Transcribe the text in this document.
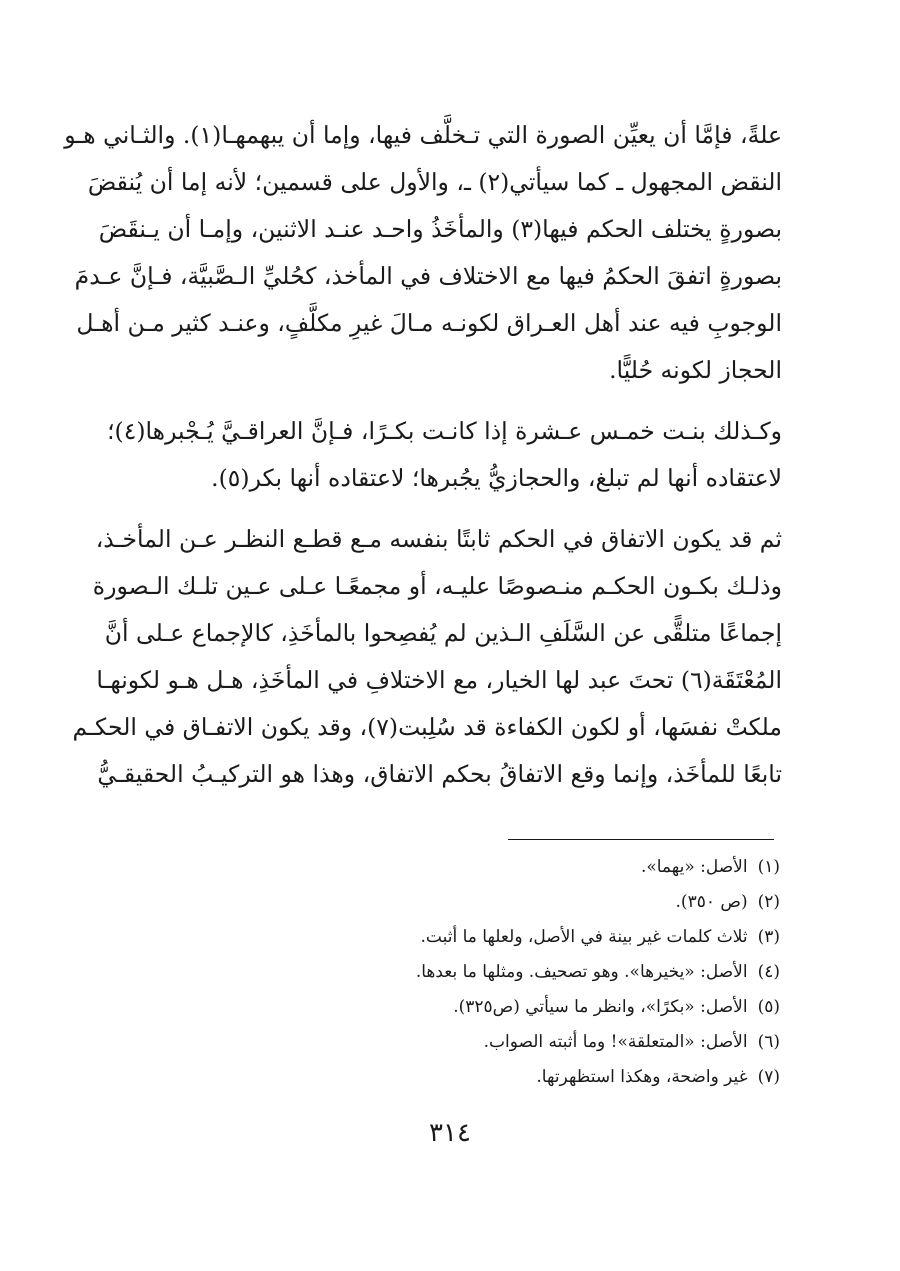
علةً، فإمَّا أن يعيِّن الصورة التي تـخلَّف فيها، وإما أن يبهمهـا(١). والثـاني هـو
النقض المجهول ـ كما سيأتي(٢) ـ، والأول على قسمين؛ لأنه إما أن يُنقضَ
بصورةٍ يختلف الحكم فيها(٣) والمأخَذُ واحـد عنـد الاثنين، وإمـا أن يـنقَضَ
بصورةٍ اتفقَ الحكمُ فيها مع الاختلاف في المأخذ، كحُليِّ الـصَّبيَّة، فـإنَّ عـدمَ
الوجوبِ فيه عند أهل العـراق لكونـه مـالَ غيرِ مكلَّفٍ، وعنـد كثير مـن أهـل
الحجاز لكونه حُليًّا.

وكـذلك بنـت خمـس عـشرة إذا كانـت بكـرًا، فـإنَّ العراقـيَّ يُـجْبرها(٤)؛
لاعتقاده أنها لم تبلغ، والحجازيُّ يجُبرها؛ لاعتقاده أنها بكر(٥).

ثم قد يكون الاتفاق في الحكم ثابتًا بنفسه مـع قطـع النظـر عـن المأخـذ،
وذلـك بكـون الحكـم منـصوصًا عليـه، أو مجمعًـا عـلى عـين تلـك الـصورة
إجماعًا متلقًّى عن السَّلَفِ الـذين لم يُفصِحوا بالمأخَذِ، كالإجماع عـلى أنَّ
المُعْتَقَة(٦) تحتَ عبد لها الخيار، مع الاختلافِ في المأخَذِ، هـل هـو لكونهـا
ملكتْ نفسَها، أو لكون الكفاءة قد سُلِبت(٧)، وقد يكون الاتفـاق في الحكـم
تابعًا للمأخَذ، وإنما وقع الاتفاقُ بحكم الاتفاق، وهذا هو التركيـبُ الحقيقـيُّ

(١)الأصل: «يهما».
(٢)(ص ٣٥٠).
(٣)ثلاث كلمات غير بينة في الأصل، ولعلها ما أثبت.
(٤)الأصل: «يخيرها». وهو تصحيف. ومثلها ما بعدها.
(٥)الأصل: «بكرًا»، وانظر ما سيأتي (ص٣٢٥).
(٦)الأصل: «المتعلقة»! وما أثبته الصواب.
(٧)غير واضحة، وهكذا استظهرتها.
٣١٤
